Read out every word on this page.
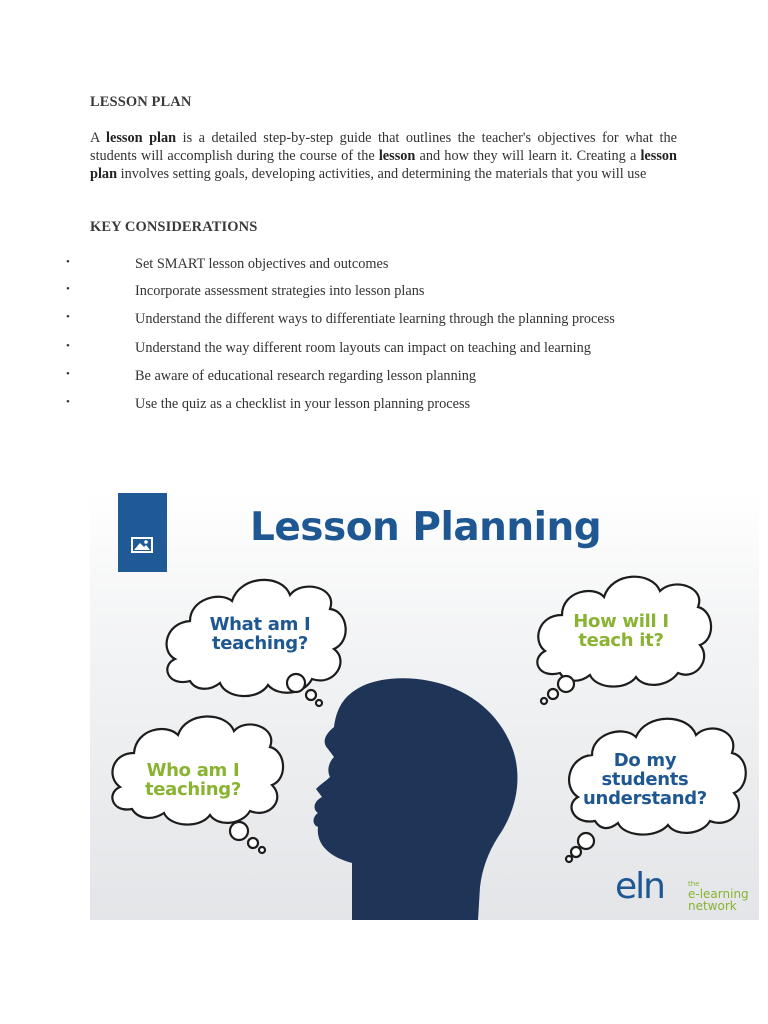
LESSON PLAN
A lesson plan is a detailed step-by-step guide that outlines the teacher's objectives for what the students will accomplish during the course of the lesson and how they will learn it. Creating a lesson plan involves setting goals, developing activities, and determining the materials that you will use
KEY CONSIDERATIONS
•	Set SMART lesson objectives and outcomes
•	Incorporate assessment strategies into lesson plans
•	Understand the different ways to differentiate learning through the planning process
•	Understand the way different room layouts can impact on teaching and learning
•	Be aware of educational research regarding lesson planning
•	Use the quiz as a checklist in your lesson planning process
Lesson Planning
What am I
teaching?
How will I
teach it?
Who am I
teaching?
Do my
students
understand?
eln	the
e-learning
network
